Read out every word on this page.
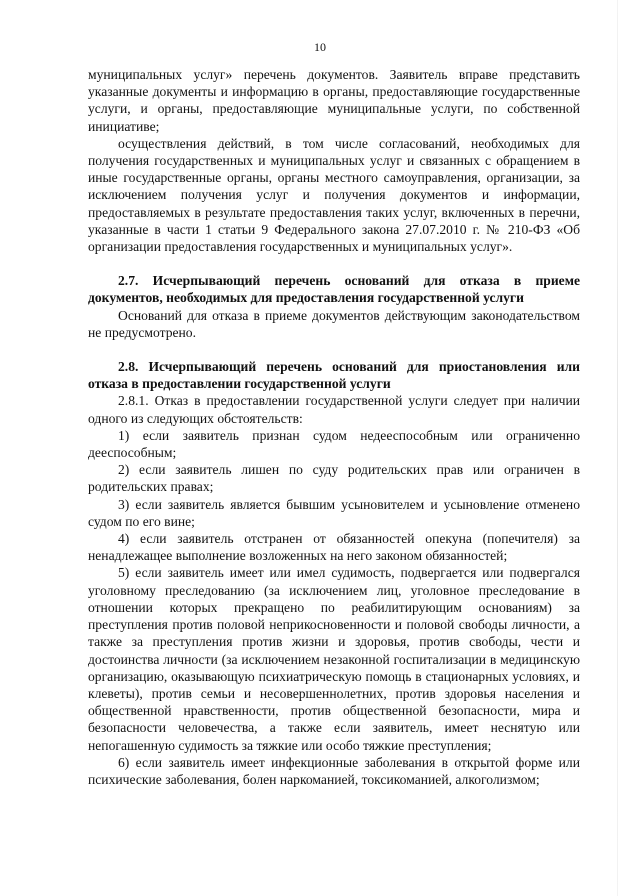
10

муниципальных услуг» перечень документов. Заявитель вправе представить указанные документы и информацию в органы, предоставляющие государственные услуги, и органы, предоставляющие муниципальные услуги, по собственной инициативе;

осуществления действий, в том числе согласований, необходимых для получения государственных и муниципальных услуг и связанных с обращением в иные государственные органы, органы местного самоуправления, организации, за исключением получения услуг и получения документов и информации, предоставляемых в результате предоставления таких услуг, включенных в перечни, указанные в части 1 статьи 9 Федерального закона 27.07.2010 г. № 210-ФЗ «Об организации предоставления государственных и муниципальных услуг».

2.7. Исчерпывающий перечень оснований для отказа в приеме документов, необходимых для предоставления государственной услуги

Оснований для отказа в приеме документов действующим законодательством не предусмотрено.

2.8. Исчерпывающий перечень оснований для приостановления или отказа в предоставлении государственной услуги

2.8.1. Отказ в предоставлении государственной услуги следует при наличии одного из следующих обстоятельств:

1) если заявитель признан судом недееспособным или ограниченно дееспособным;

2) если заявитель лишен по суду родительских прав или ограничен в родительских правах;

3) если заявитель является бывшим усыновителем и усыновление отменено судом по его вине;

4) если заявитель отстранен от обязанностей опекуна (попечителя) за ненадлежащее выполнение возложенных на него законом обязанностей;

5) если заявитель имеет или имел судимость, подвергается или подвергался уголовному преследованию (за исключением лиц, уголовное преследование в отношении которых прекращено по реабилитирующим основаниям) за преступления против половой неприкосновенности и половой свободы личности, а также за преступления против жизни и здоровья, против свободы, чести и достоинства личности (за исключением незаконной госпитализации в медицинскую организацию, оказывающую психиатрическую помощь в стационарных условиях, и клеветы), против семьи и несовершеннолетних, против здоровья населения и общественной нравственности, против общественной безопасности, мира и безопасности человечества, а также если заявитель, имеет неснятую или непогашенную судимость за тяжкие или особо тяжкие преступления;

6) если заявитель имеет инфекционные заболевания в открытой форме или психические заболевания, болен наркоманией, токсикоманией, алкоголизмом;
